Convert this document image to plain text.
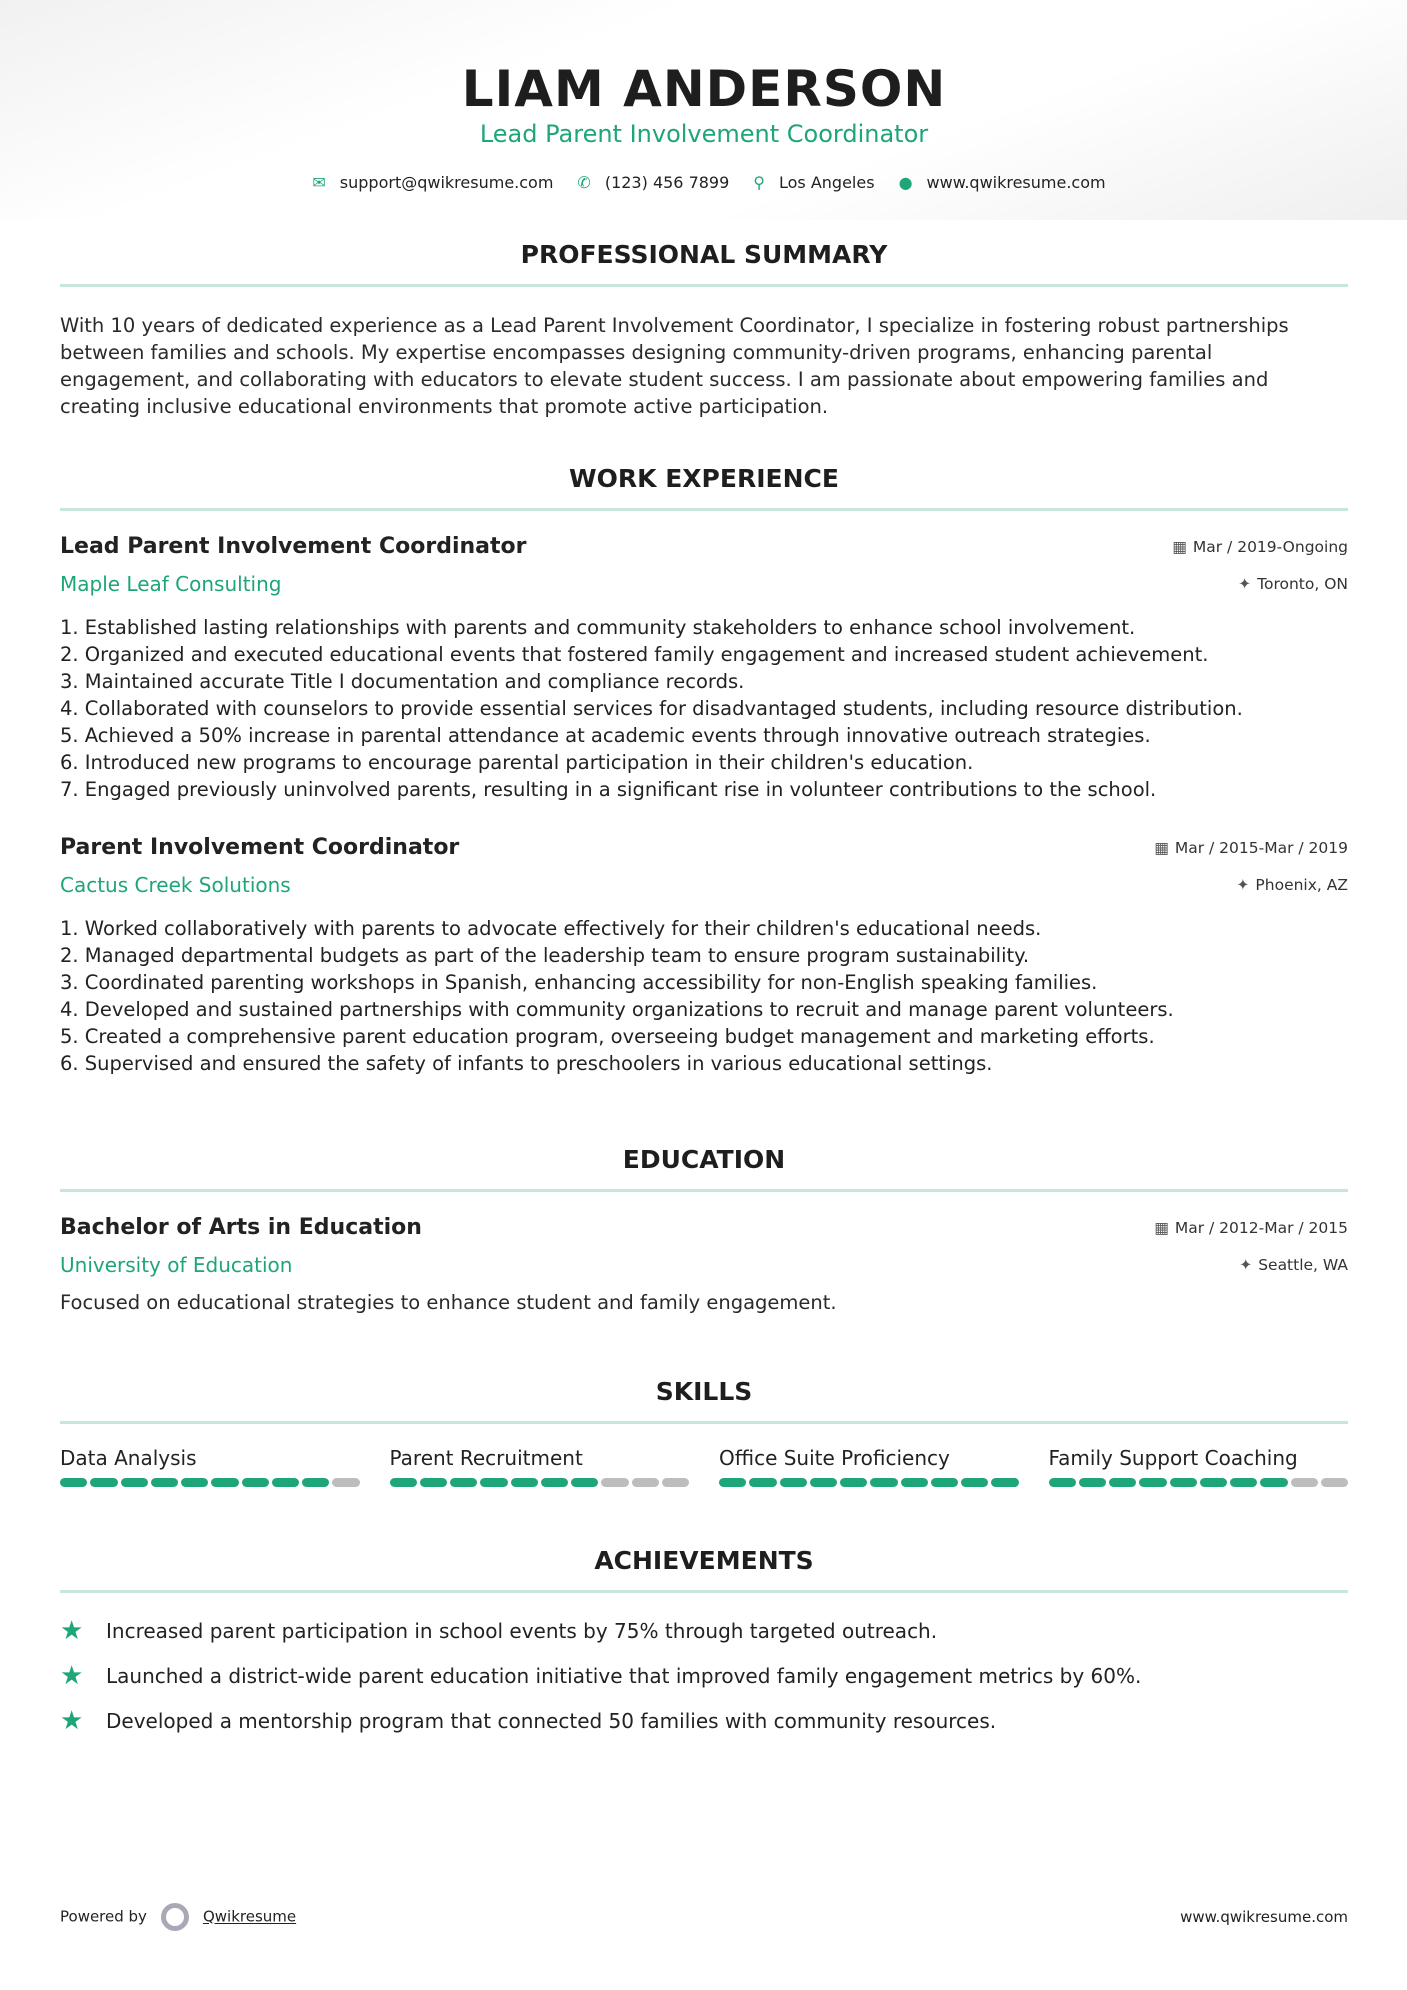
LIAM ANDERSON
Lead Parent Involvement Coordinator
✉ support@qwikresume.com ✆ (123) 456 7899 ⚲ Los Angeles ● www.qwikresume.com
PROFESSIONAL SUMMARY
With 10 years of dedicated experience as a Lead Parent Involvement Coordinator, I specialize in fostering robust partnerships between families and schools. My expertise encompasses designing community-driven programs, enhancing parental engagement, and collaborating with educators to elevate student success. I am passionate about empowering families and creating inclusive educational environments that promote active participation.
WORK EXPERIENCE
Lead Parent Involvement Coordinator	▦ Mar / 2019-Ongoing
Maple Leaf Consulting	✦ Toronto, ON
1. Established lasting relationships with parents and community stakeholders to enhance school involvement.
2. Organized and executed educational events that fostered family engagement and increased student achievement.
3. Maintained accurate Title I documentation and compliance records.
4. Collaborated with counselors to provide essential services for disadvantaged students, including resource distribution.
5. Achieved a 50% increase in parental attendance at academic events through innovative outreach strategies.
6. Introduced new programs to encourage parental participation in their children's education.
7. Engaged previously uninvolved parents, resulting in a significant rise in volunteer contributions to the school.
Parent Involvement Coordinator	▦ Mar / 2015-Mar / 2019
Cactus Creek Solutions	✦ Phoenix, AZ
1. Worked collaboratively with parents to advocate effectively for their children's educational needs.
2. Managed departmental budgets as part of the leadership team to ensure program sustainability.
3. Coordinated parenting workshops in Spanish, enhancing accessibility for non-English speaking families.
4. Developed and sustained partnerships with community organizations to recruit and manage parent volunteers.
5. Created a comprehensive parent education program, overseeing budget management and marketing efforts.
6. Supervised and ensured the safety of infants to preschoolers in various educational settings.
EDUCATION
Bachelor of Arts in Education	▦ Mar / 2012-Mar / 2015
University of Education	✦ Seattle, WA
Focused on educational strategies to enhance student and family engagement.
SKILLS
Data Analysis	Parent Recruitment	Office Suite Proficiency	Family Support Coaching
ACHIEVEMENTS
★	Increased parent participation in school events by 75% through targeted outreach.
★	Launched a district-wide parent education initiative that improved family engagement metrics by 60%.
★	Developed a mentorship program that connected 50 families with community resources.
Powered by	Qwikresume	www.qwikresume.com
